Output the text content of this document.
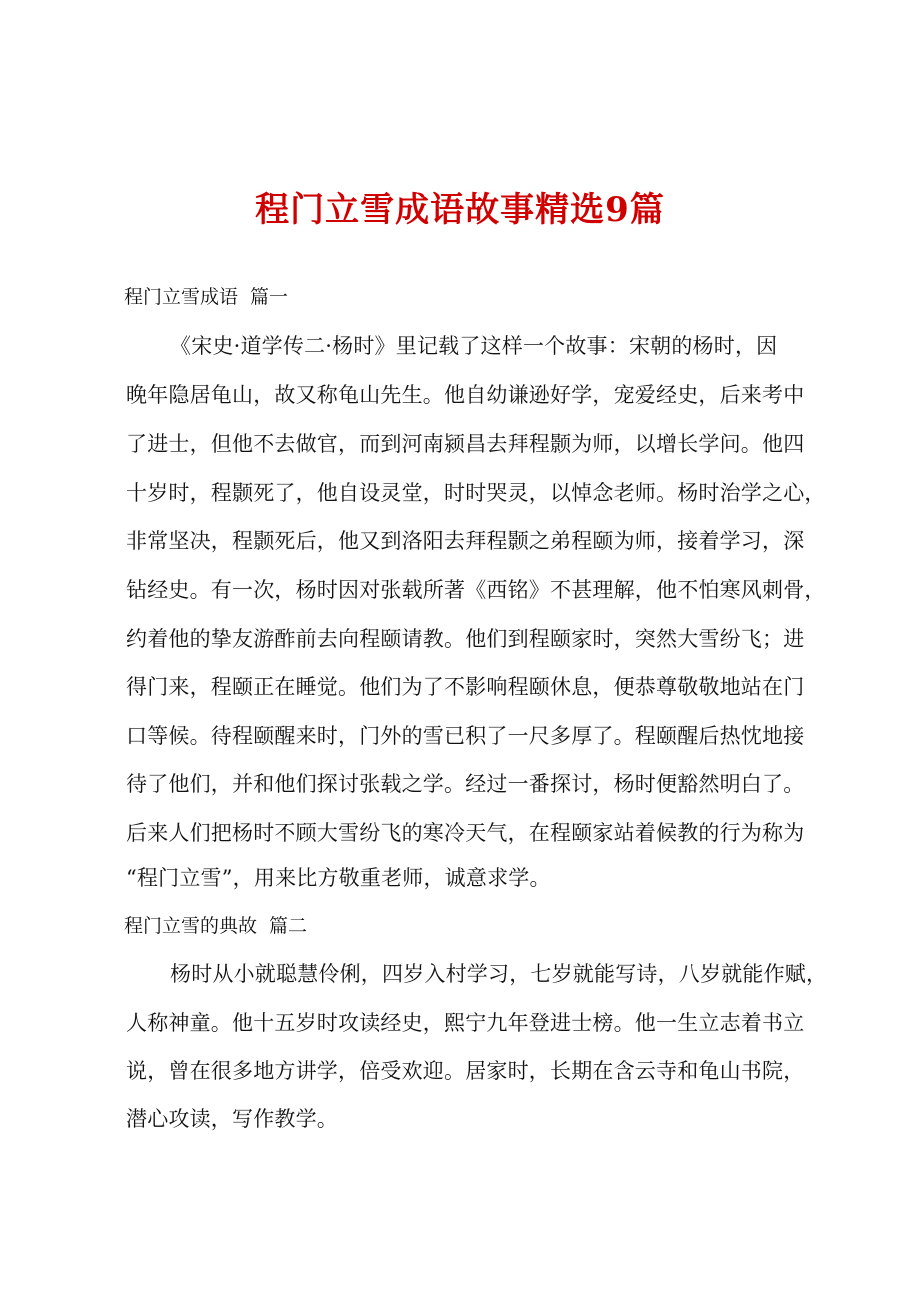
程门立雪成语故事精选9篇
程门立雪成语 篇一
《宋史·道学传二·杨时》里记载了这样一个故事：宋朝的杨时，因
晚年隐居龟山，故又称龟山先生。他自幼谦逊好学，宠爱经史，后来考中
了进士，但他不去做官，而到河南颍昌去拜程颢为师，以增长学问。他四
十岁时，程颢死了，他自设灵堂，时时哭灵，以悼念老师。杨时治学之心，
非常坚决，程颢死后，他又到洛阳去拜程颢之弟程颐为师，接着学习，深
钻经史。有一次，杨时因对张载所著《西铭》不甚理解，他不怕寒风刺骨，
约着他的挚友游酢前去向程颐请教。他们到程颐家时，突然大雪纷飞；进
得门来，程颐正在睡觉。他们为了不影响程颐休息，便恭尊敬敬地站在门
口等候。待程颐醒来时，门外的雪已积了一尺多厚了。程颐醒后热忱地接
待了他们，并和他们探讨张载之学。经过一番探讨，杨时便豁然明白了。
后来人们把杨时不顾大雪纷飞的寒冷天气，在程颐家站着候教的行为称为
“程门立雪”，用来比方敬重老师，诚意求学。
程门立雪的典故 篇二
杨时从小就聪慧伶俐，四岁入村学习，七岁就能写诗，八岁就能作赋，
人称神童。他十五岁时攻读经史，熙宁九年登进士榜。他一生立志着书立
说，曾在很多地方讲学，倍受欢迎。居家时，长期在含云寺和龟山书院，
潜心攻读，写作教学。
